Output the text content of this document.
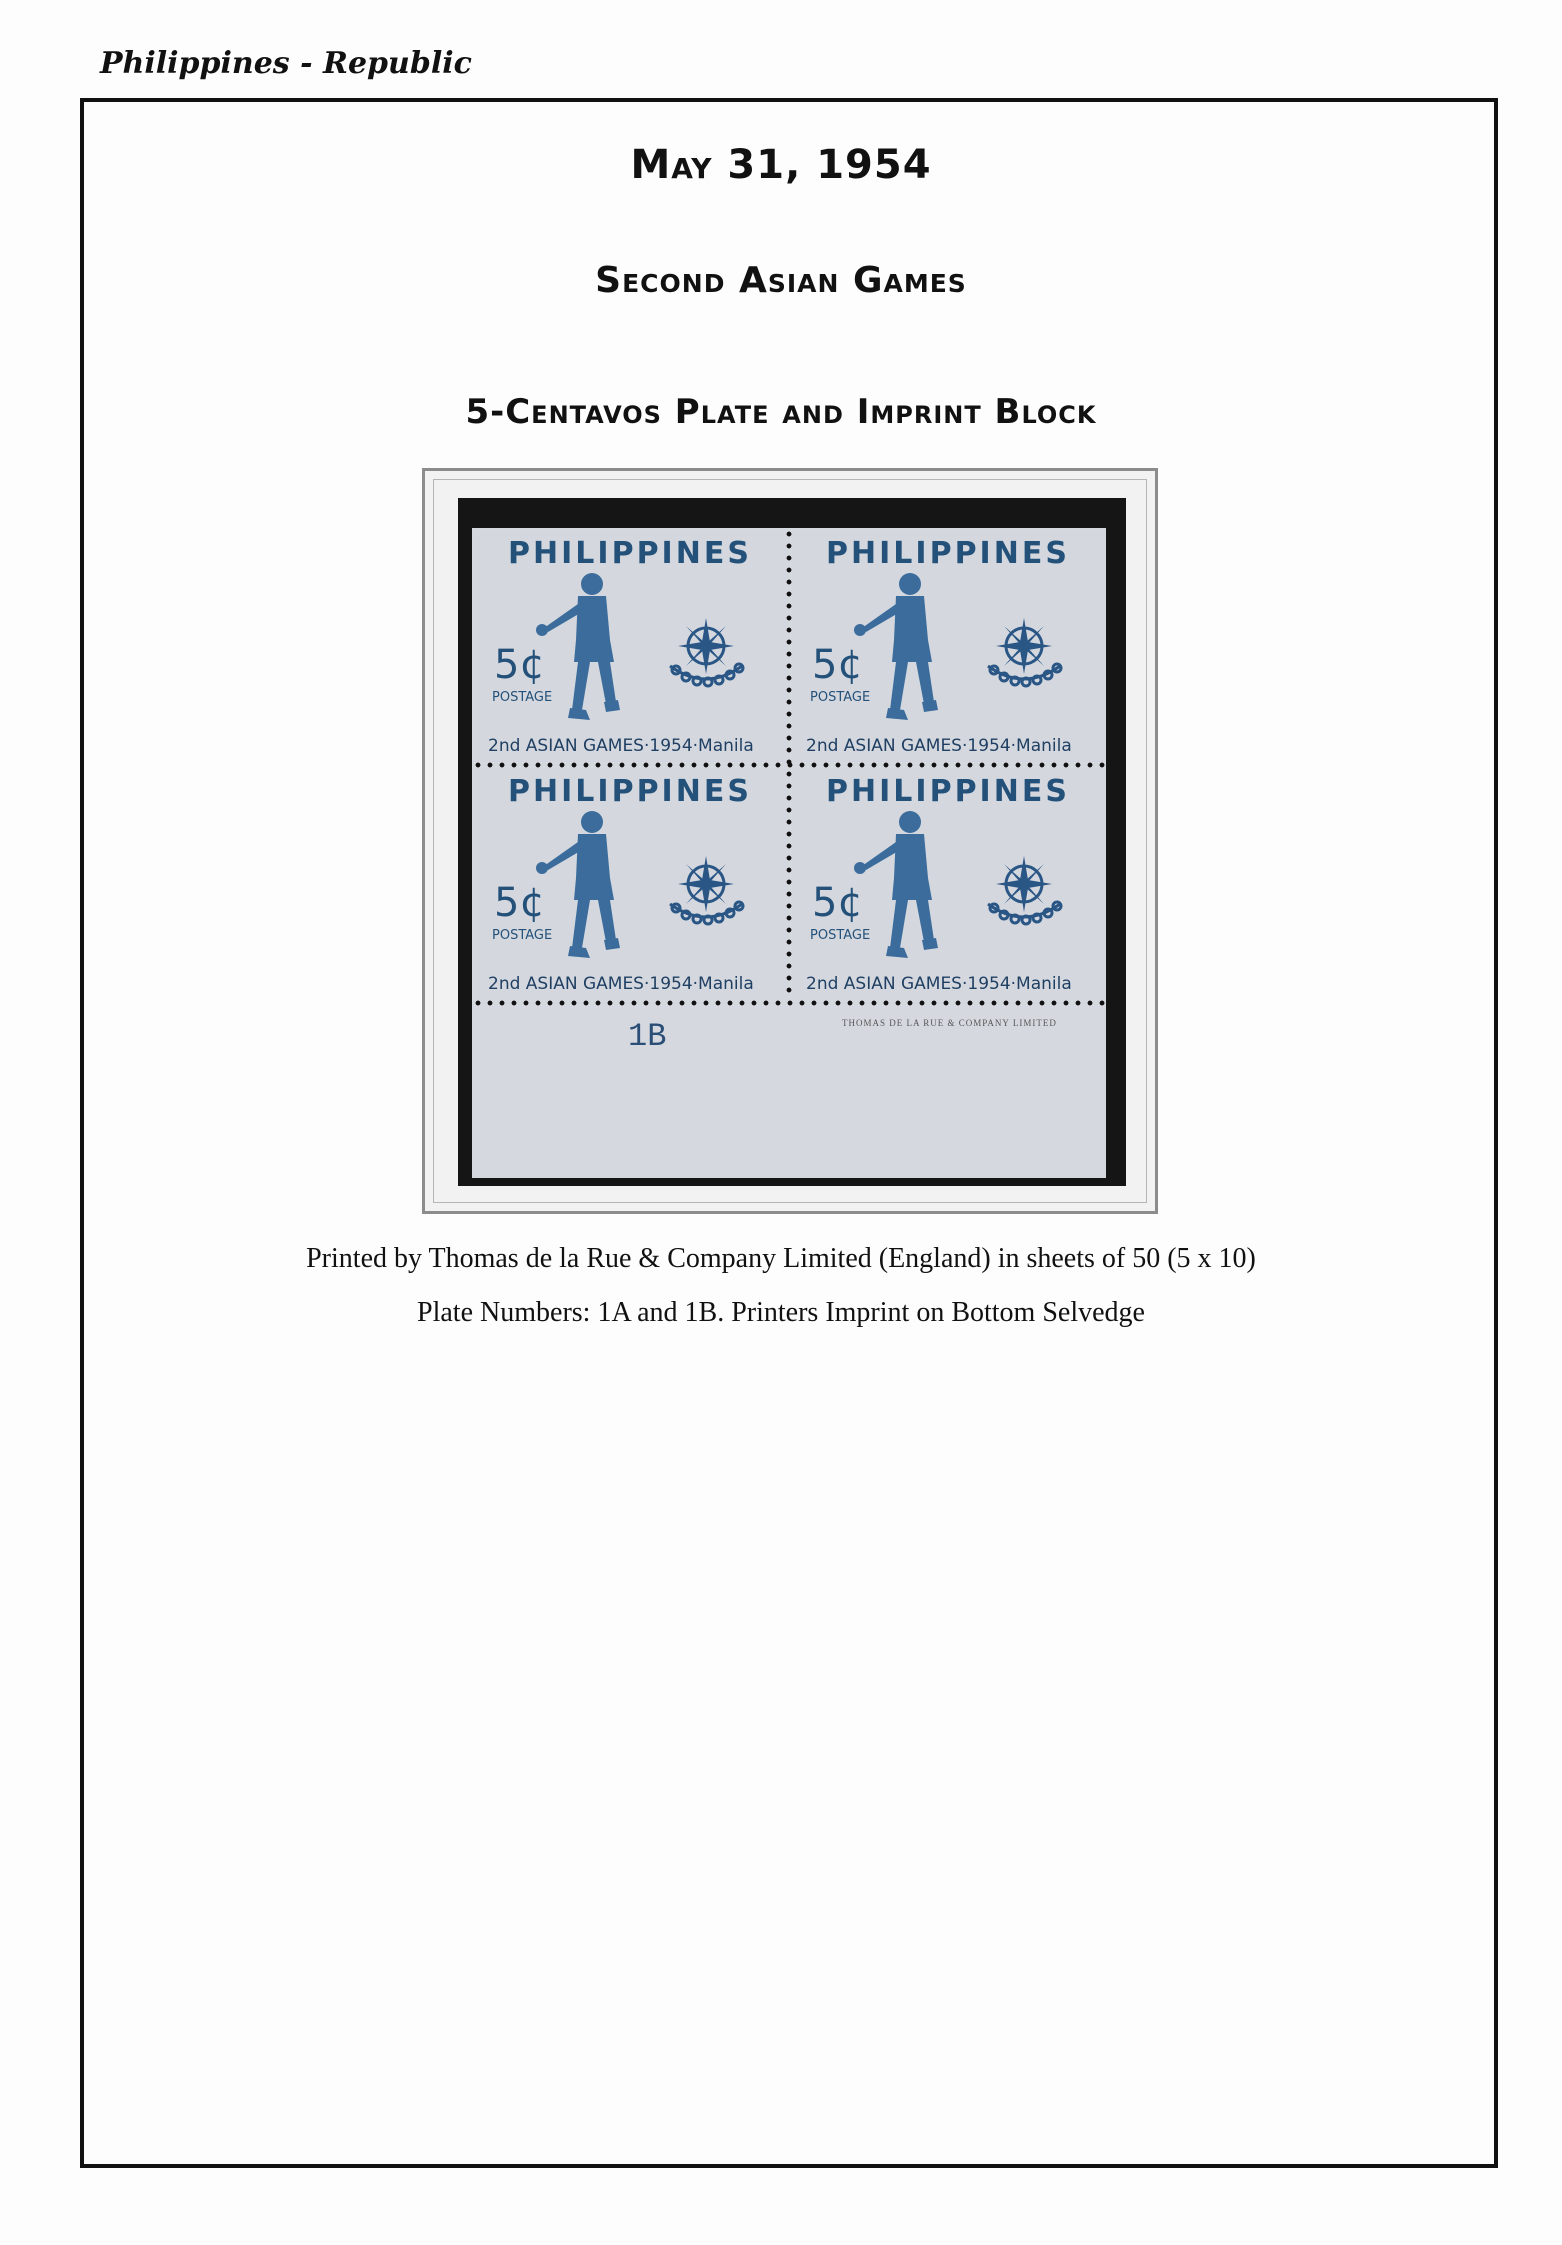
Philippines - Republic
May 31, 1954
Second Asian Games
5-Centavos Plate and Imprint Block
PHILIPPINES
5¢
POSTAGE
2nd ASIAN GAMES·1954·Manila
PHILIPPINES
5¢
POSTAGE
2nd ASIAN GAMES·1954·Manila
PHILIPPINES
5¢
POSTAGE
2nd ASIAN GAMES·1954·Manila
PHILIPPINES
5¢
POSTAGE
2nd ASIAN GAMES·1954·Manila
1B	THOMAS DE LA RUE & COMPANY LIMITED
Printed by Thomas de la Rue & Company Limited (England) in sheets of 50 (5 x 10)
Plate Numbers: 1A and 1B. Printers Imprint on Bottom Selvedge
